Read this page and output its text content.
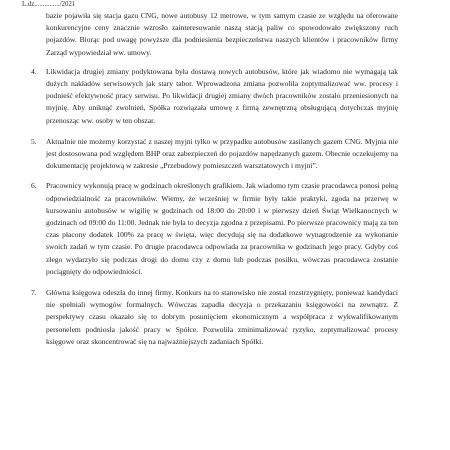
L.dz.............../2021

bazie pojawiła się stacja gazu CNG, nowe autobusy 12 metrowe, w tym samym czasie ze względu na oferowane konkurencyjne ceny znacznie wzrosło zainteresowanie naszą stacją paliw co spowodowało zwiększony ruch pojazdów. Biorąc pod uwagę powyższe dla podniesienia bezpieczeństwa naszych klientów i pracowników firmy Zarząd wypowiedział ww. umowy.

4. Likwidacja drugiej zmiany podyktowana była dostawą nowych autobusów, które jak wiadomo nie wymagają tak dużych nakładów serwisowych jak stary tabor. Wprowadzona zmiana pozwoliła zoptymalizować ww. procesy i podnieść efektywność pracy serwisu. Po likwidacji drugiej zmiany dwóch pracowników zostało przeniesionych na myjnię. Aby uniknąć zwolnień, Spółka rozwiązała umowę z firmą zewnętrzną obsługującą dotychczas myjnię przenosząc ww. osoby w ten obszar.

5. Aktualnie nie możemy korzystać z naszej myjni tylko w przypadku autobusów zasilanych gazem CNG. Myjnia nie jest dostosowana pod względem BHP oraz zabezpieczeń do pojazdów napędzanych gazem. Obecnie oczekujemy na dokumentację projektową w zakresie „Przebudowy pomieszczeń warsztatowych i myjni”.

6. Pracownicy wykonują pracę w godzinach określonych grafikiem. Jak wiadomo tym czasie pracodawca ponosi pełną odpowiedzialność za pracowników. Wiemy, że wcześniej w firmie były takie praktyki, zgoda na przerwę w kursowaniu autobusów w wigilię w godzinach od 18:00 do 20:00 i w pierwszy dzień Świąt Wielkanocnych w godzinach od 09:00 do 11:00. Jednak nie była to decyzja zgodna z przepisami. Po pierwsze pracownicy mają za ten czas płacony dodatek 100% za pracę w święta, więc decydują się na dodatkowe wynagrodzenie za wykonanie swoich zadań w tym czasie. Po drugie pracodawca odpowiada za pracownika w godzinach jego pracy. Gdyby coś złego wydarzyło się podczas drogi do domu czy z domu lub podczas posiłku, wówczas pracodawca zostanie pociągnięty do odpowiedniości.

7. Główna księgowa odeszła do innej firmy. Konkurs na to stanowisko nie został rozstrzygnięty, ponieważ kandydaci nie spełniali wymogów formalnych. Wówczas zapadła decyzja o przekazaniu księgowości na zewnątrz. Z perspektywy czasu okazało się to dobrym posunięciem ekonomicznym a współpraca z wykwalifikowanym personelem podniosła jakość pracy w Spółce. Pozwoliła zminimalizować ryzyko, zoptymalizować procesy księgowe oraz skoncentrować się na najważniejszych zadaniach Spółki.
